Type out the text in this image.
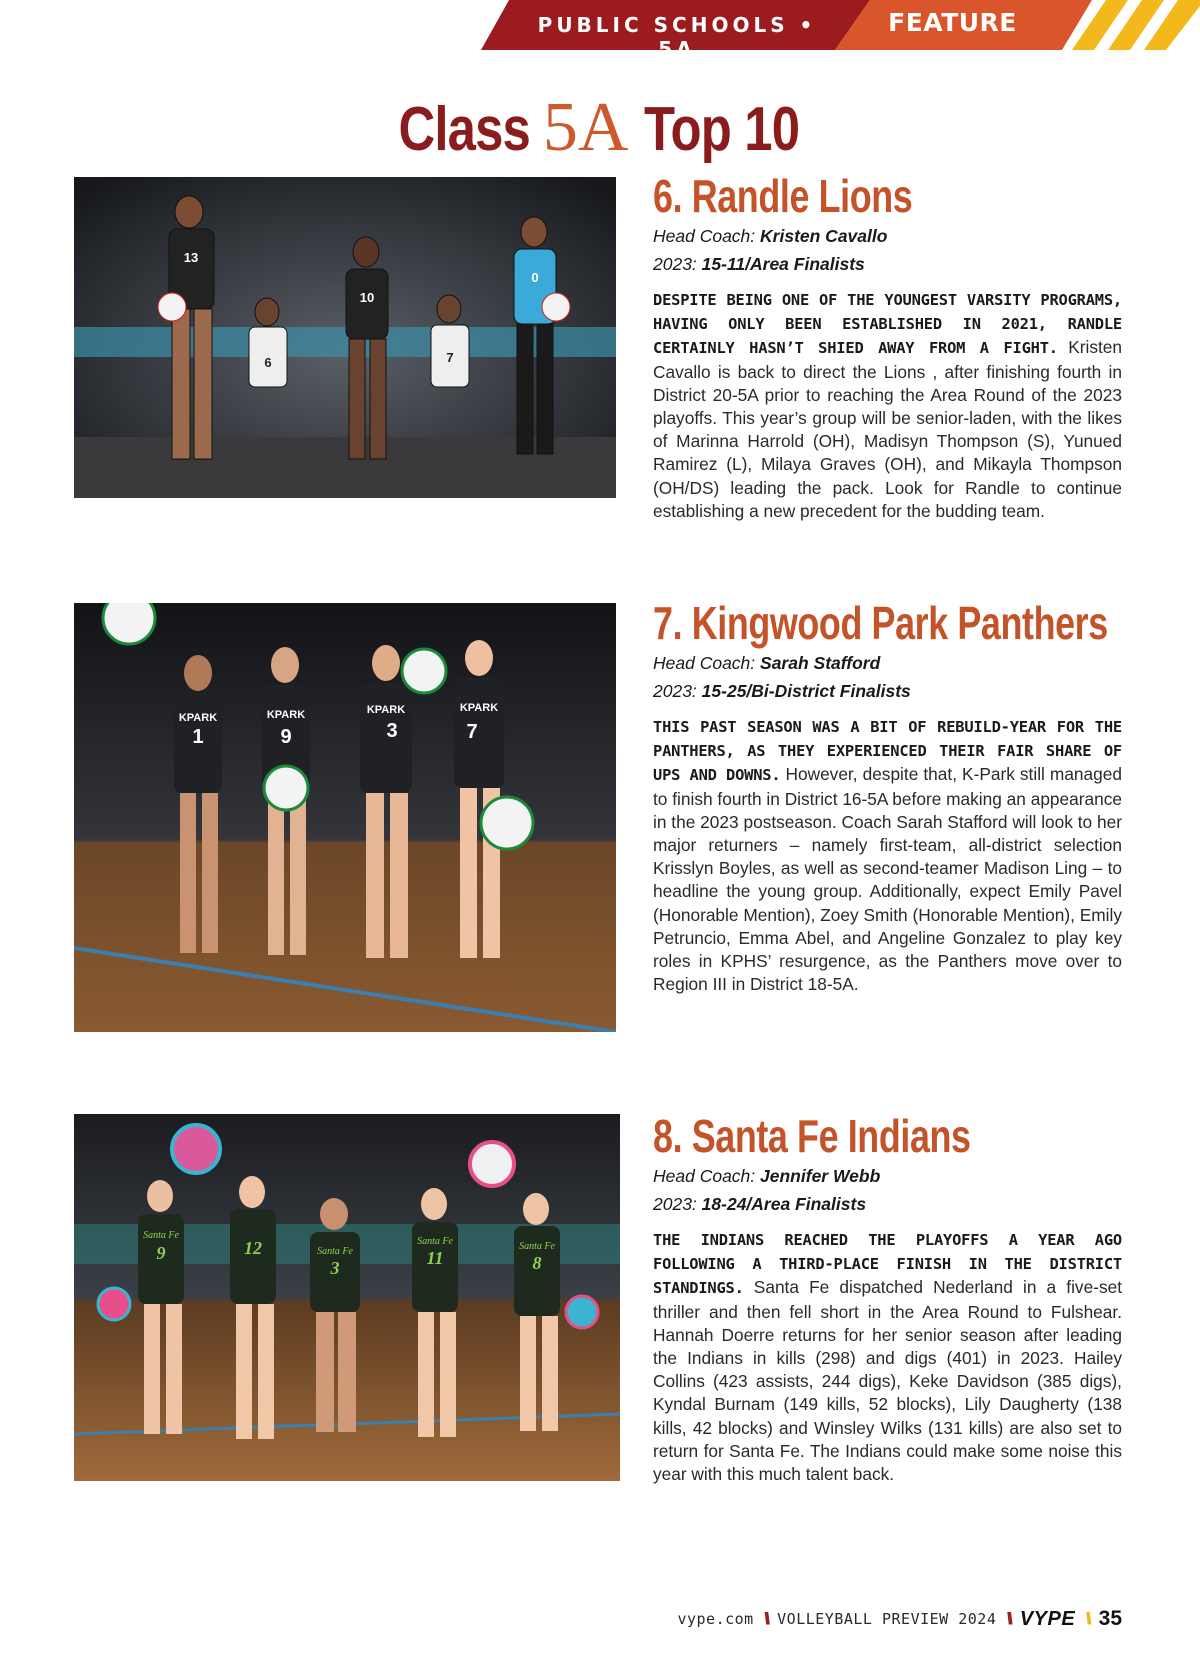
PUBLIC SCHOOLS • 5A
FEATURE
Class 5A Top 10
13
6
10
7
0
6. Randle Lions
Head Coach: Kristen Cavallo
2023: 15-11/Area Finalists

DESPITE BEING ONE OF THE YOUNGEST VARSITY PROGRAMS, HAVING ONLY BEEN ESTABLISHED IN 2021, RANDLE CERTAINLY HASN’T SHIED AWAY FROM A FIGHT. Kristen Cavallo is back to direct the Lions , after finishing fourth in District 20-5A prior to reaching the Area Round of the 2023 playoffs. This year’s group will be senior-laden, with the likes of Marinna Harrold (OH), Madisyn Thompson (S), Yunued Ramirez (L), Milaya Graves (OH), and Mikayla Thompson (OH/DS) leading the pack. Look for Randle to continue establishing a new precedent for the budding team.

KPARK
1
KPARK
9
KPARK
3
KPARK
7
7. Kingwood Park Panthers
Head Coach: Sarah Stafford
2023: 15-25/Bi-District Finalists

THIS PAST SEASON WAS A BIT OF REBUILD-YEAR FOR THE PANTHERS, AS THEY EXPERIENCED THEIR FAIR SHARE OF UPS AND DOWNS. However, despite that, K-Park still managed to finish fourth in District 16-5A before making an appearance in the 2023 postseason. Coach Sarah Stafford will look to her major returners – namely first-team, all-district selection Krisslyn Boyles, as well as second-teamer Madison Ling – to headline the young group. Additionally, expect Emily Pavel (Honorable Mention), Zoey Smith (Honorable Mention), Emily Petruncio, Emma Abel, and Angeline Gonzalez to play key roles in KPHS’ resurgence, as the Panthers move over to Region III in District 18-5A.

Santa Fe
9	12	Santa Fe
3
Santa Fe
11
Santa Fe
8
8. Santa Fe Indians
Head Coach: Jennifer Webb
2023: 18-24/Area Finalists

THE INDIANS REACHED THE PLAYOFFS A YEAR AGO FOLLOWING A THIRD-PLACE FINISH IN THE DISTRICT STANDINGS. Santa Fe dispatched Nederland in a five-set thriller and then fell short in the Area Round to Fulshear. Hannah Doerre returns for her senior season after leading the Indians in kills (298) and digs (401) in 2023. Hailey Collins (423 assists, 244 digs), Keke Davidson (385 digs), Kyndal Burnam (149 kills, 52 blocks), Lily Daugherty (138 kills, 42 blocks) and Winsley Wilks (131 kills) are also set to return for Santa Fe. The Indians could make some noise this year with this much talent back.

vype.com \\ VOLLEYBALL PREVIEW 2024 \\ VYPE \\ 35
